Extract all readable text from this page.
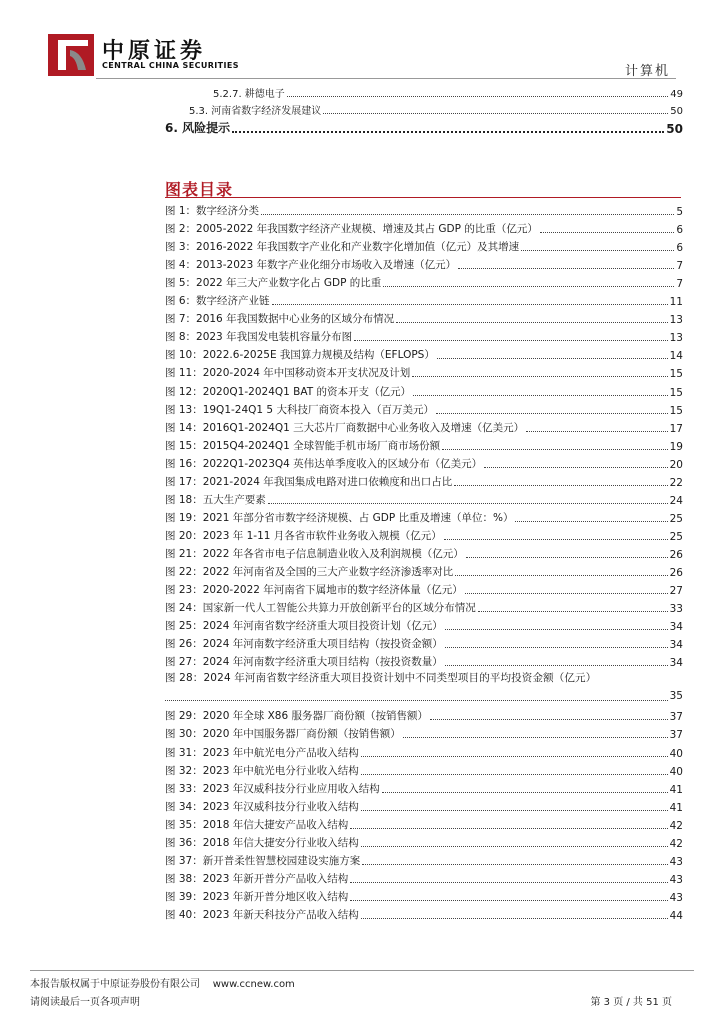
中原证券
CENTRAL CHINA SECURITIES	计算机
5.2.7. 耕德电子	49
5.3. 河南省数字经济发展建议	50
6. 风险提示	50
图表目录
图 1：数字经济分类	5
图 2：2005-2022 年我国数字经济产业规模、增速及其占 GDP 的比重（亿元）	6
图 3：2016-2022 年我国数字产业化和产业数字化增加值（亿元）及其增速	6
图 4：2013-2023 年数字产业化细分市场收入及增速（亿元）	7
图 5：2022 年三大产业数字化占 GDP 的比重	7
图 6：数字经济产业链	11
图 7：2016 年我国数据中心业务的区域分布情况	13
图 8：2023 年我国发电装机容量分布图	13
图 10：2022.6-2025E 我国算力规模及结构（EFLOPS）	14
图 11：2020-2024 年中国移动资本开支状况及计划	15
图 12：2020Q1-2024Q1 BAT 的资本开支（亿元）	15
图 13：19Q1-24Q1 5 大科技厂商资本投入（百万美元）	15
图 14：2016Q1-2024Q1 三大芯片厂商数据中心业务收入及增速（亿美元）	17
图 15：2015Q4-2024Q1 全球智能手机市场厂商市场份额	19
图 16：2022Q1-2023Q4 英伟达单季度收入的区域分布（亿美元）	20
图 17：2021-2024 年我国集成电路对进口依赖度和出口占比	22
图 18：五大生产要素	24
图 19：2021 年部分省市数字经济规模、占 GDP 比重及增速（单位：%）	25
图 20：2023 年 1-11 月各省市软件业务收入规模（亿元）	25
图 21：2022 年各省市电子信息制造业收入及利润规模（亿元）	26
图 22：2022 年河南省及全国的三大产业数字经济渗透率对比	26
图 23：2020-2022 年河南省下属地市的数字经济体量（亿元）	27
图 24：国家新一代人工智能公共算力开放创新平台的区域分布情况	33
图 25：2024 年河南省数字经济重大项目投资计划（亿元）	34
图 26：2024 年河南数字经济重大项目结构（按投资金额）	34
图 27：2024 年河南数字经济重大项目结构（按投资数量）	34
图 28：2024 年河南省数字经济重大项目投资计划中不同类型项目的平均投资金额（亿元）
35
图 29：2020 年全球 X86 服务器厂商份额（按销售额）	37
图 30：2020 年中国服务器厂商份额（按销售额）	37
图 31：2023 年中航光电分产品收入结构	40
图 32：2023 年中航光电分行业收入结构	40
图 33：2023 年汉威科技分行业应用收入结构	41
图 34：2023 年汉威科技分行业收入结构	41
图 35：2018 年信大捷安产品收入结构	42
图 36：2018 年信大捷安分行业收入结构	42
图 37：新开普柔性智慧校园建设实施方案	43
图 38：2023 年新开普分产品收入结构	43
图 39：2023 年新开普分地区收入结构	43
图 40：2023 年新天科技分产品收入结构	44
本报告版权属于中原证券股份有限公司 www.ccnew.com
请阅读最后一页各项声明	第 3 页 / 共 51 页
